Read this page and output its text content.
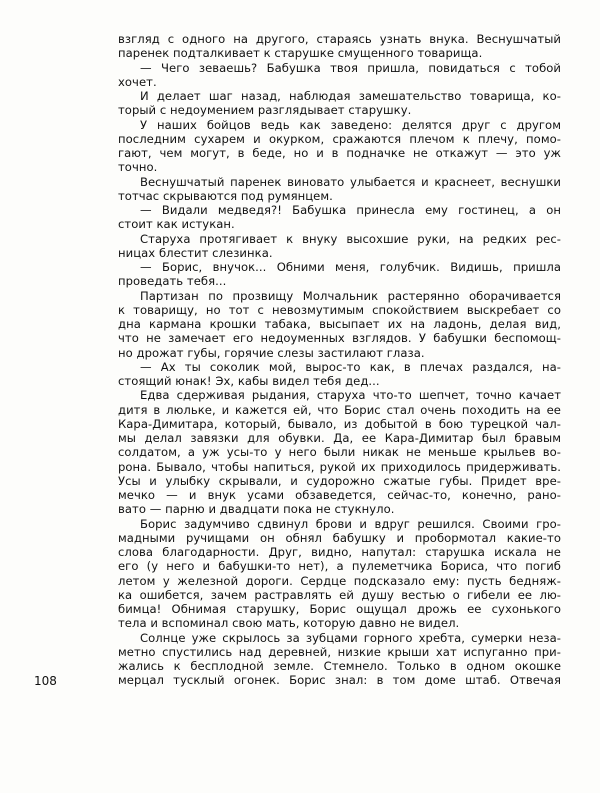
взгляд с одного на другого, стараясь узнать внука. Веснушчатый
паренек подталкивает к старушке смущенного товарища.
— Чего зеваешь? Бабушка твоя пришла, повидаться с тобой
хочет.
И делает шаг назад, наблюдая замешательство товарища, ко-
торый с недоумением разглядывает старушку.
У наших бойцов ведь как заведено: делятся друг с другом
последним сухарем и окурком, сражаются плечом к плечу, помо-
гают, чем могут, в беде, но и в подначке не откажут — это уж
точно.
Веснушчатый паренек виновато улыбается и краснеет, веснушки
тотчас скрываются под румянцем.
— Видали медведя?! Бабушка принесла ему гостинец, а он
стоит как истукан.
Старуха протягивает к внуку высохшие руки, на редких рес-
ницах блестит слезинка.
— Борис, внучок... Обними меня, голубчик. Видишь, пришла
проведать тебя...
Партизан по прозвищу Молчальник растерянно оборачивается
к товарищу, но тот с невозмутимым спокойствием выскребает со
дна кармана крошки табака, высыпает их на ладонь, делая вид,
что не замечает его недоуменных взглядов. У бабушки беспомощ-
но дрожат губы, горячие слезы застилают глаза.
— Ах ты соколик мой, вырос-то как, в плечах раздался, на-
стоящий юнак! Эх, кабы видел тебя дед...
Едва сдерживая рыдания, старуха что-то шепчет, точно качает
дитя в люльке, и кажется ей, что Борис стал очень походить на ее
Кара-Димитара, который, бывало, из добытой в бою турецкой чал-
мы делал завязки для обувки. Да, ее Кара-Димитар был бравым
солдатом, а уж усы-то у него были никак не меньше крыльев во-
рона. Бывало, чтобы напиться, рукой их приходилось придерживать.
Усы и улыбку скрывали, и судорожно сжатые губы. Придет вре-
мечко — и внук усами обзаведется, сейчас-то, конечно, рано-
вато — парню и двадцати пока не стукнуло.
Борис задумчиво сдвинул брови и вдруг решился. Своими гро-
мадными ручищами он обнял бабушку и пробормотал какие-то
слова благодарности. Друг, видно, напутал: старушка искала не
его (у него и бабушки-то нет), а пулеметчика Бориса, что погиб
летом у железной дороги. Сердце подсказало ему: пусть бедняж-
ка ошибется, зачем растравлять ей душу вестью о гибели ее лю-
бимца! Обнимая старушку, Борис ощущал дрожь ее сухонького
тела и вспоминал свою мать, которую давно не видел.
Солнце уже скрылось за зубцами горного хребта, сумерки неза-
метно спустились над деревней, низкие крыши хат испуганно при-
жались к бесплодной земле. Стемнело. Только в одном окошке
мерцал тусклый огонек. Борис знал: в том доме штаб. Отвечая
108
